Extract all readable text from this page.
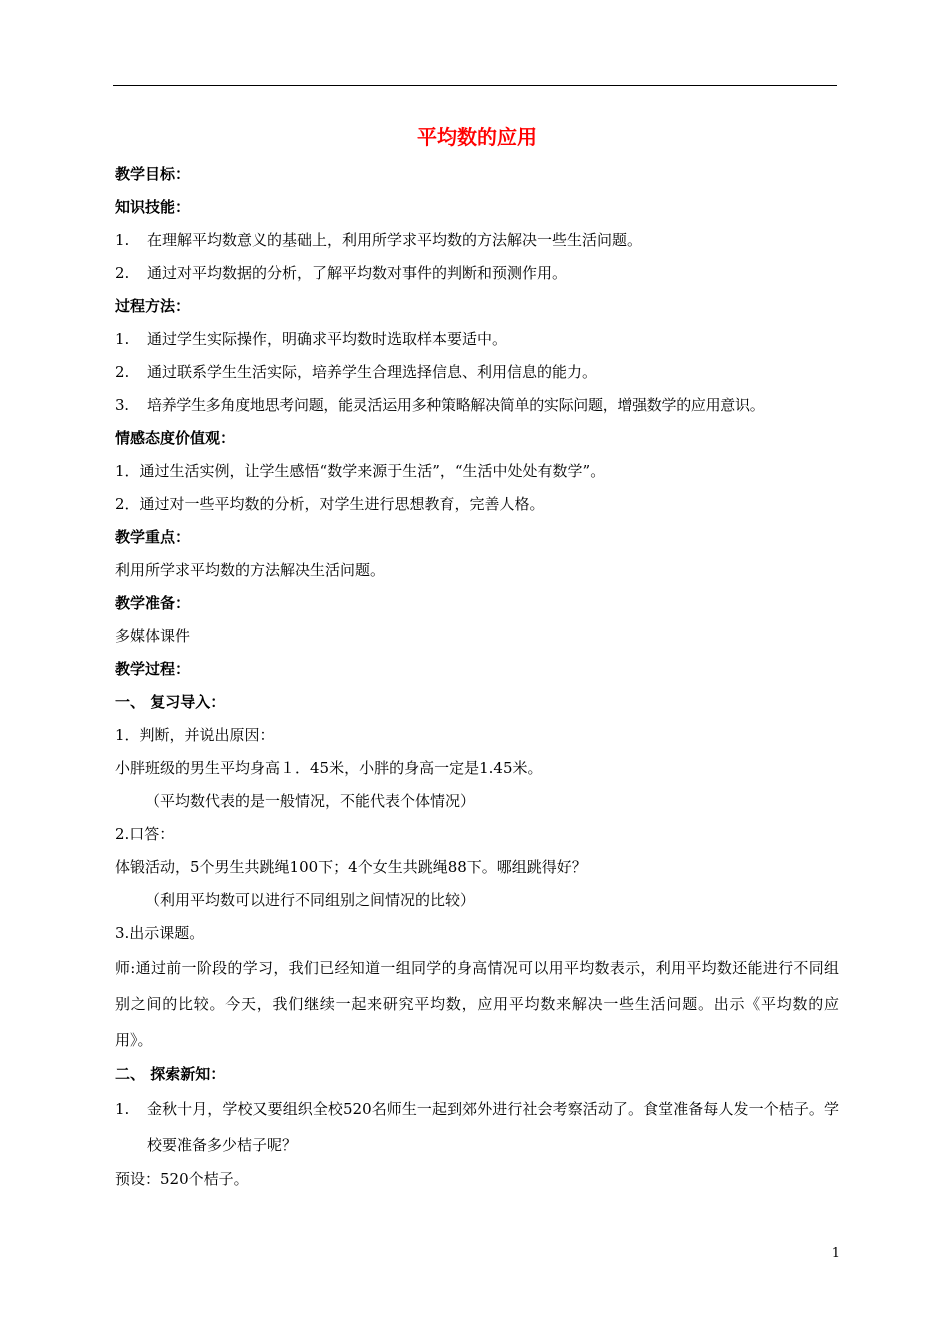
平均数的应用
教学目标：
知识技能：
1.	在理解平均数意义的基础上，利用所学求平均数的方法解决一些生活问题。
2.	通过对平均数据的分析，了解平均数对事件的判断和预测作用。
过程方法：
1.	通过学生实际操作，明确求平均数时选取样本要适中。
2.	通过联系学生生活实际，培养学生合理选择信息、利用信息的能力。
3.	培养学生多角度地思考问题，能灵活运用多种策略解决简单的实际问题，增强数学的应用意识。
情感态度价值观：
1．通过生活实例，让学生感悟“数学来源于生活”，“生活中处处有数学”。
2．通过对一些平均数的分析，对学生进行思想教育，完善人格。
教学重点：
利用所学求平均数的方法解决生活问题。
教学准备：
多媒体课件
教学过程：
一、 复习导入：
1．判断，并说出原因：
小胖班级的男生平均身高１．45米，小胖的身高一定是1.45米。
（平均数代表的是一般情况，不能代表个体情况）
2.口答：
体锻活动，5个男生共跳绳100下；4个女生共跳绳88下。哪组跳得好？
（利用平均数可以进行不同组别之间情况的比较）
3.出示课题。
师:通过前一阶段的学习，我们已经知道一组同学的身高情况可以用平均数表示，利用平均数还能进行不同组别之间的比较。今天，我们继续一起来研究平均数，应用平均数来解决一些生活问题。出示《平均数的应用》。
二、 探索新知：
1.	金秋十月，学校又要组织全校520名师生一起到郊外进行社会考察活动了。食堂准备每人发一个桔子。学校要准备多少桔子呢？
预设：520个桔子。
1
